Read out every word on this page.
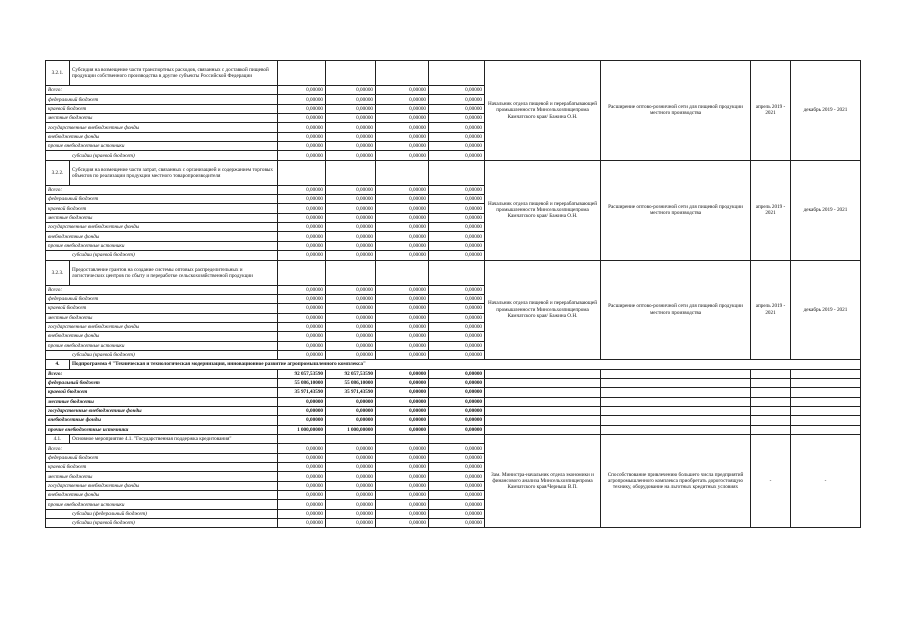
3.2.1.	Субсидия на возмещение части транспортных расходов, связанных с доставкой пищевой продукции собственного производства в другие субъекты Российской Федерации					Начальник отдела пищевой и перерабатывающей промышленности Минсельхозпищепрома Камчатского края/ Бажина О.Н.	Расширение оптово-розничной сети для пищевой продукции местного производства	апрель 2019 - 2021	декабрь 2019 - 2021
Всего:		0,00000	0,00000	0,00000	0,00000				
федеральный бюджет		0,00000	0,00000	0,00000	0,00000				
краевой бюджет		0,00000	0,00000	0,00000	0,00000				
местные бюджеты		0,00000	0,00000	0,00000	0,00000				
государственные внебюджетные фонды		0,00000	0,00000	0,00000	0,00000				
внебюджетные фонды		0,00000	0,00000	0,00000	0,00000				
прочие внебюджетные источники		0,00000	0,00000	0,00000	0,00000				
субсидии (краевой бюджет)		0,00000	0,00000	0,00000	0,00000				
3.2.2.	Субсидия на возмещение части затрат, связанных с организацией и содержанием торговых объектов по реализации продукции местного товаропроизводителя					Начальник отдела пищевой и перерабатывающей промышленности Минсельхозпищепрома Камчатского края/ Бажина О.Н.	Расширение оптово-розничной сети для пищевой продукции местного производства	апрель 2019 - 2021	декабрь 2019 - 2021
Всего:		0,00000	0,00000	0,00000	0,00000				
федеральный бюджет		0,00000	0,00000	0,00000	0,00000				
краевой бюджет		0,00000	0,00000	0,00000	0,00000				
местные бюджеты		0,00000	0,00000	0,00000	0,00000				
государственные внебюджетные фонды		0,00000	0,00000	0,00000	0,00000				
внебюджетные фонды		0,00000	0,00000	0,00000	0,00000				
прочие внебюджетные источники		0,00000	0,00000	0,00000	0,00000				
субсидии (краевой бюджет)		0,00000	0,00000	0,00000	0,00000				
3.2.3.	Предоставление грантов на создание системы оптовых распределительных и логистических центров по сбыту и переработке сельскохозяйственной продукции					Начальник отдела пищевой и перерабатывающей промышленности Минсельхозпищепрома Камчатского края/ Бажина О.Н.	Расширение оптово-розничной сети для пищевой продукции местного производства	апрель 2019 - 2021	декабрь 2019 - 2021
Всего:		0,00000	0,00000	0,00000	0,00000				
федеральный бюджет		0,00000	0,00000	0,00000	0,00000				
краевой бюджет		0,00000	0,00000	0,00000	0,00000				
местные бюджеты		0,00000	0,00000	0,00000	0,00000				
государственные внебюджетные фонды		0,00000	0,00000	0,00000	0,00000				
внебюджетные фонды		0,00000	0,00000	0,00000	0,00000				
прочие внебюджетные источники		0,00000	0,00000	0,00000	0,00000				
субсидии (краевой бюджет)		0,00000	0,00000	0,00000	0,00000				
4.	Подпрограмма 4 "Техническая и технологическая модернизация, инновационное развитие агропромышленного комплекса"								
Всего:		92 057,53590	92 057,53590	0,00000	0,00000				
федеральный бюджет		55 086,10000	55 086,10000	0,00000	0,00000				
краевой бюджет		35 971,43590	35 971,43590	0,00000	0,00000				
местные бюджеты		0,00000	0,00000	0,00000	0,00000				
государственные внебюджетные фонды		0,00000	0,00000	0,00000	0,00000				
внебюджетные фонды		0,00000	0,00000	0,00000	0,00000				
прочие внебюджетные источники		1 000,00000	1 000,00000	0,00000	0,00000				
4.1.	Основное мероприятие 4.1. "Государственная поддержка кредитования"					Зам. Министра-начальник отдела экономики и финансового анализа Минсельхозпищепрома Камчатского края/Черныш В.П.	Способствование привлечению большего числа предприятий агропромышленного комплекса приобретать дорогостоящую технику, оборудование на льготных кредитных условиях	-	-
Всего:		0,00000	0,00000	0,00000	0,00000				
федеральный бюджет		0,00000	0,00000	0,00000	0,00000				
краевой бюджет		0,00000	0,00000	0,00000	0,00000				
местные бюджеты		0,00000	0,00000	0,00000	0,00000				
государственные внебюджетные фонды		0,00000	0,00000	0,00000	0,00000				
внебюджетные фонды		0,00000	0,00000	0,00000	0,00000				
прочие внебюджетные источники		0,00000	0,00000	0,00000	0,00000				
субсидии (федеральный бюджет)		0,00000	0,00000	0,00000	0,00000				
субсидии (краевой бюджет)		0,00000	0,00000	0,00000	0,00000				
